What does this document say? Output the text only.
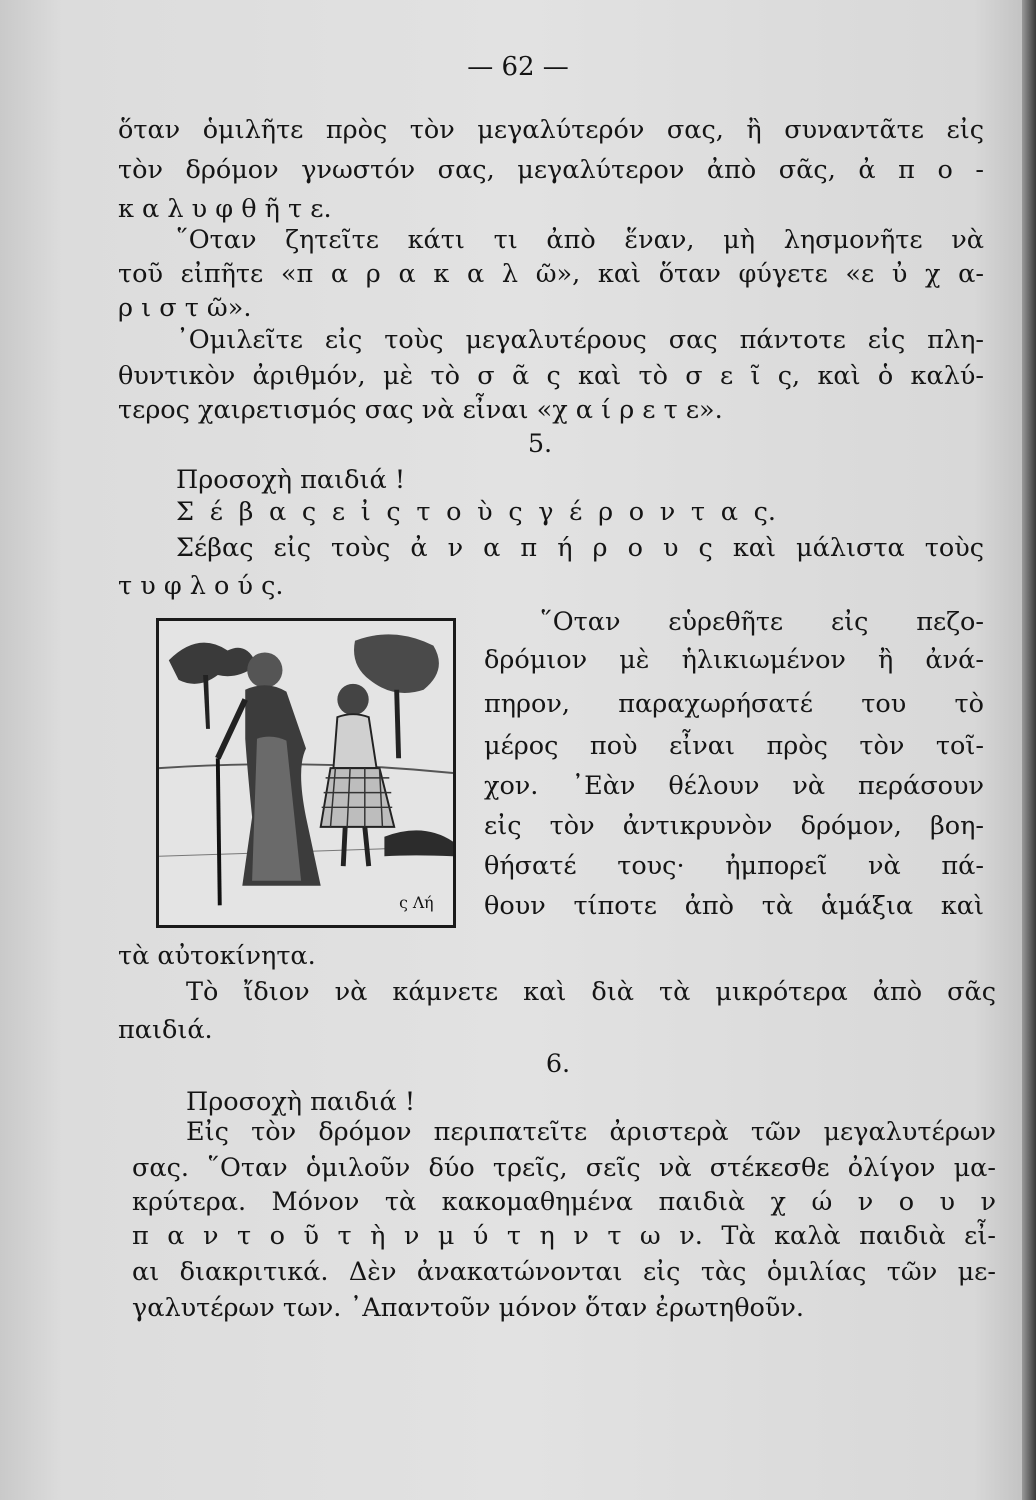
— 62 —
ὅταν ὁμιλῆτε πρὸς τὸν μεγαλύτερόν σας, ἢ συναντᾶτε εἰς
τὸν δρόμον γνωστόν σας, μεγαλύτερον ἀπὸ σᾶς, ἀ π ο -
κ α λ υ φ θ ῆ τ ε.
῞Οταν ζητεῖτε κάτι τι ἀπὸ ἕναν, μὴ λησμονῆτε νὰ
τοῦ εἰπῆτε «π α ρ α κ α λ ῶ», καὶ ὅταν φύγετε «ε ὐ χ α-
ρ ι σ τ ῶ».
᾽Ομιλεῖτε εἰς τοὺς μεγαλυτέρους σας πάντοτε εἰς πλη-
θυντικὸν ἀριθμόν, μὲ τὸ σ ᾶ ς καὶ τὸ σ ε ῖ ς, καὶ ὁ καλύ-
τερος χαιρετισμός σας νὰ εἶναι «χ α ί ρ ε τ ε».
5.
Προσοχὴ παιδιά !
Σ έ β α ς ε ἰ ς τ ο ὺ ς γ έ ρ ο ν τ α ς.
Σέβας εἰς τοὺς ἀ ν α π ή ρ ο υ ς καὶ μάλιστα τοὺς
τ υ φ λ ο ύ ς.
ς Λή
῞Οταν εὑρεθῆτε εἰς πεζο-
δρόμιον μὲ ἡλικιωμένον ἢ ἀνά-
πηρον, παραχωρήσατέ του τὸ
μέρος ποὺ εἶναι πρὸς τὸν τοῖ-
χον. ᾽Εὰν θέλουν νὰ περάσουν
εἰς τὸν ἀντικρυνὸν δρόμον, βοη-
θήσατέ τους· ἠμπορεῖ νὰ πά-
θουν τίποτε ἀπὸ τὰ ἁμάξια καὶ
τὰ αὐτοκίνητα.
Τὸ ἴδιον νὰ κάμνετε καὶ διὰ τὰ μικρότερα ἀπὸ σᾶς
παιδιά.
6.
Προσοχὴ παιδιά !
Εἰς τὸν δρόμον περιπατεῖτε ἀριστερὰ τῶν μεγαλυτέρων
σας. ῞Οταν ὁμιλοῦν δύο τρεῖς, σεῖς νὰ στέκεσθε ὀλίγον μα-
κρύτερα. Μόνον τὰ κακομαθημένα παιδιὰ χ ώ ν ο υ ν
π α ν τ ο ῦ τ ὴ ν μ ύ τ η ν τ ω ν. Τὰ καλὰ παιδιὰ εἶ-
αι διακριτικά. Δὲν ἀνακατώνονται εἰς τὰς ὁμιλίας τῶν με-
γαλυτέρων των. ᾽Απαντοῦν μόνον ὅταν ἐρωτηθοῦν.
